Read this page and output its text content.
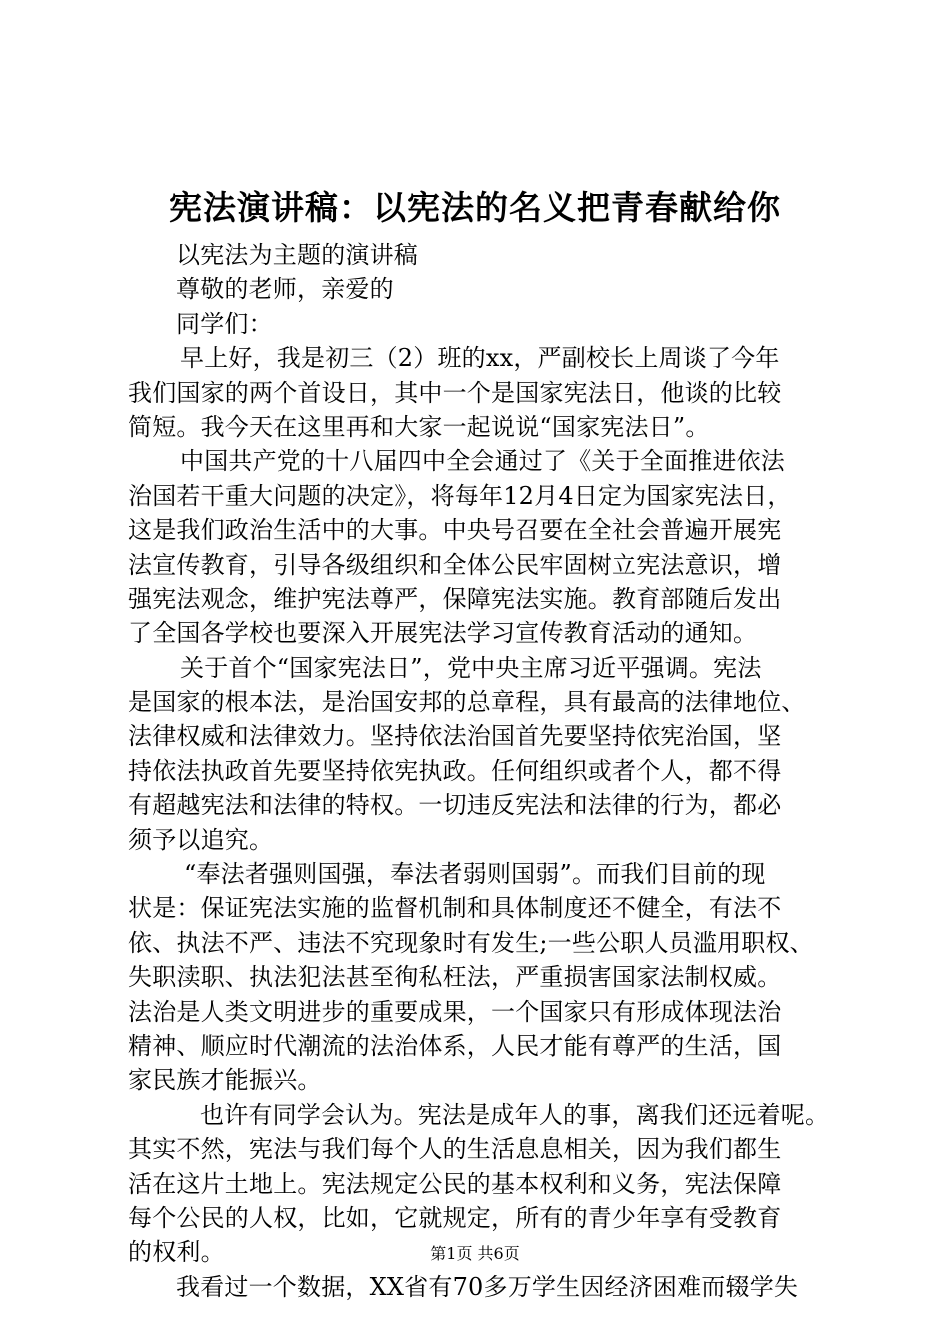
宪法演讲稿：以宪法的名义把青春献给你
以宪法为主题的演讲稿
尊敬的老师，亲爱的
同学们：
早上好，我是初三（2）班的xx，严副校长上周谈了今年
我们国家的两个首设日，其中一个是国家宪法日，他谈的比较
简短。我今天在这里再和大家一起说说“国家宪法日”。
中国共产党的十八届四中全会通过了《关于全面推进依法
治国若干重大问题的决定》，将每年12月4日定为国家宪法日，
这是我们政治生活中的大事。中央号召要在全社会普遍开展宪
法宣传教育，引导各级组织和全体公民牢固树立宪法意识，增
强宪法观念，维护宪法尊严，保障宪法实施。教育部随后发出
了全国各学校也要深入开展宪法学习宣传教育活动的通知。
关于首个“国家宪法日”，党中央主席习近平强调。宪法
是国家的根本法，是治国安邦的总章程，具有最高的法律地位、
法律权威和法律效力。坚持依法治国首先要坚持依宪治国，坚
持依法执政首先要坚持依宪执政。任何组织或者个人，都不得
有超越宪法和法律的特权。一切违反宪法和法律的行为，都必
须予以追究。
“奉法者强则国强，奉法者弱则国弱”。而我们目前的现
状是：保证宪法实施的监督机制和具体制度还不健全，有法不
依、执法不严、违法不究现象时有发生;一些公职人员滥用职权、
失职渎职、执法犯法甚至徇私枉法，严重损害国家法制权威。
法治是人类文明进步的重要成果，一个国家只有形成体现法治
精神、顺应时代潮流的法治体系，人民才能有尊严的生活，国
家民族才能振兴。
也许有同学会认为。宪法是成年人的事，离我们还远着呢。
其实不然，宪法与我们每个人的生活息息相关，因为我们都生
活在这片土地上。宪法规定公民的基本权利和义务，宪法保障
每个公民的人权，比如，它就规定，所有的青少年享有受教育
的权利。
我看过一个数据，XX省有70多万学生因经济困难而辍学失
第1页 共6页
